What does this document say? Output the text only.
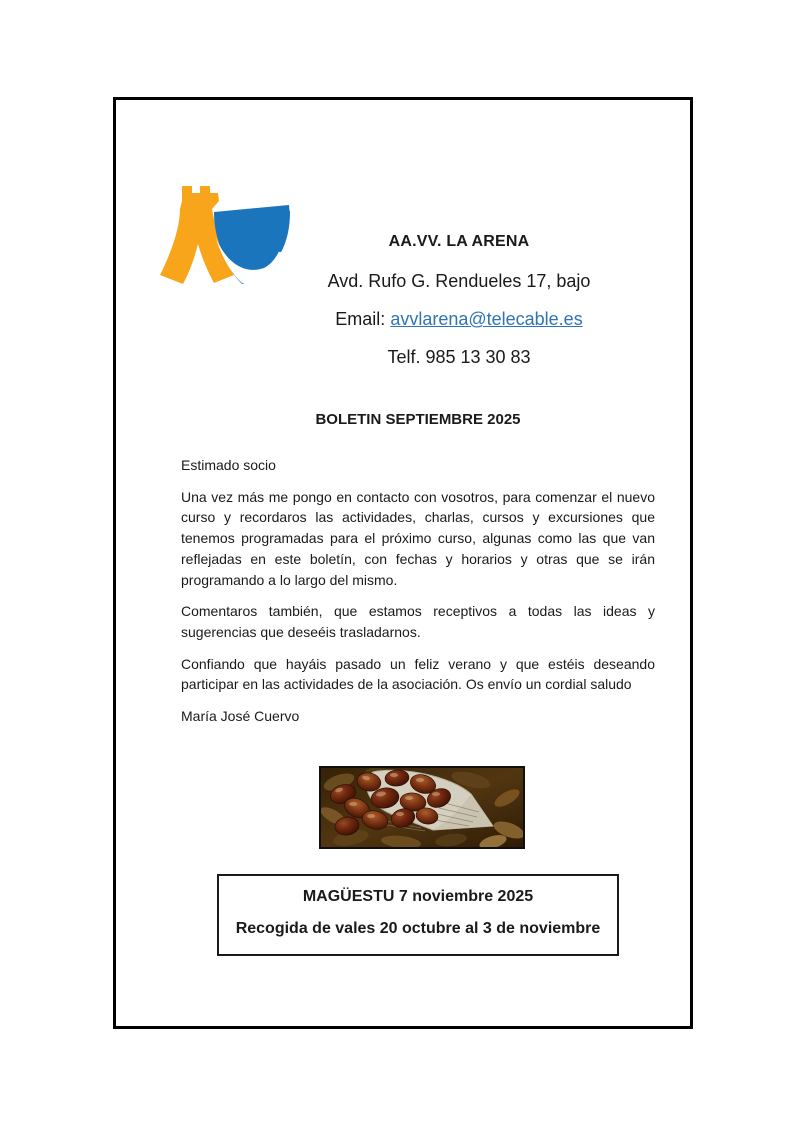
AA.VV. LA ARENA
Avd. Rufo G. Rendueles 17, bajo
Email: avvlarena@telecable.es
Telf. 985 13 30 83
BOLETIN SEPTIEMBRE 2025

Estimado socio

Una vez más me pongo en contacto con vosotros, para comenzar el nuevo curso y recordaros las actividades, charlas, cursos y excursiones que tenemos programadas para el próximo curso, algunas como las que van reflejadas en este boletín, con fechas y horarios y otras que se irán programando a lo largo del mismo.

Comentaros también, que estamos receptivos a todas las ideas y sugerencias que deseéis trasladarnos.

Confiando que hayáis pasado un feliz verano y que estéis deseando participar en las actividades de la asociación. Os envío un cordial saludo

María José Cuervo

MAGÜESTU 7 noviembre 2025
Recogida de vales 20 octubre al 3 de noviembre
